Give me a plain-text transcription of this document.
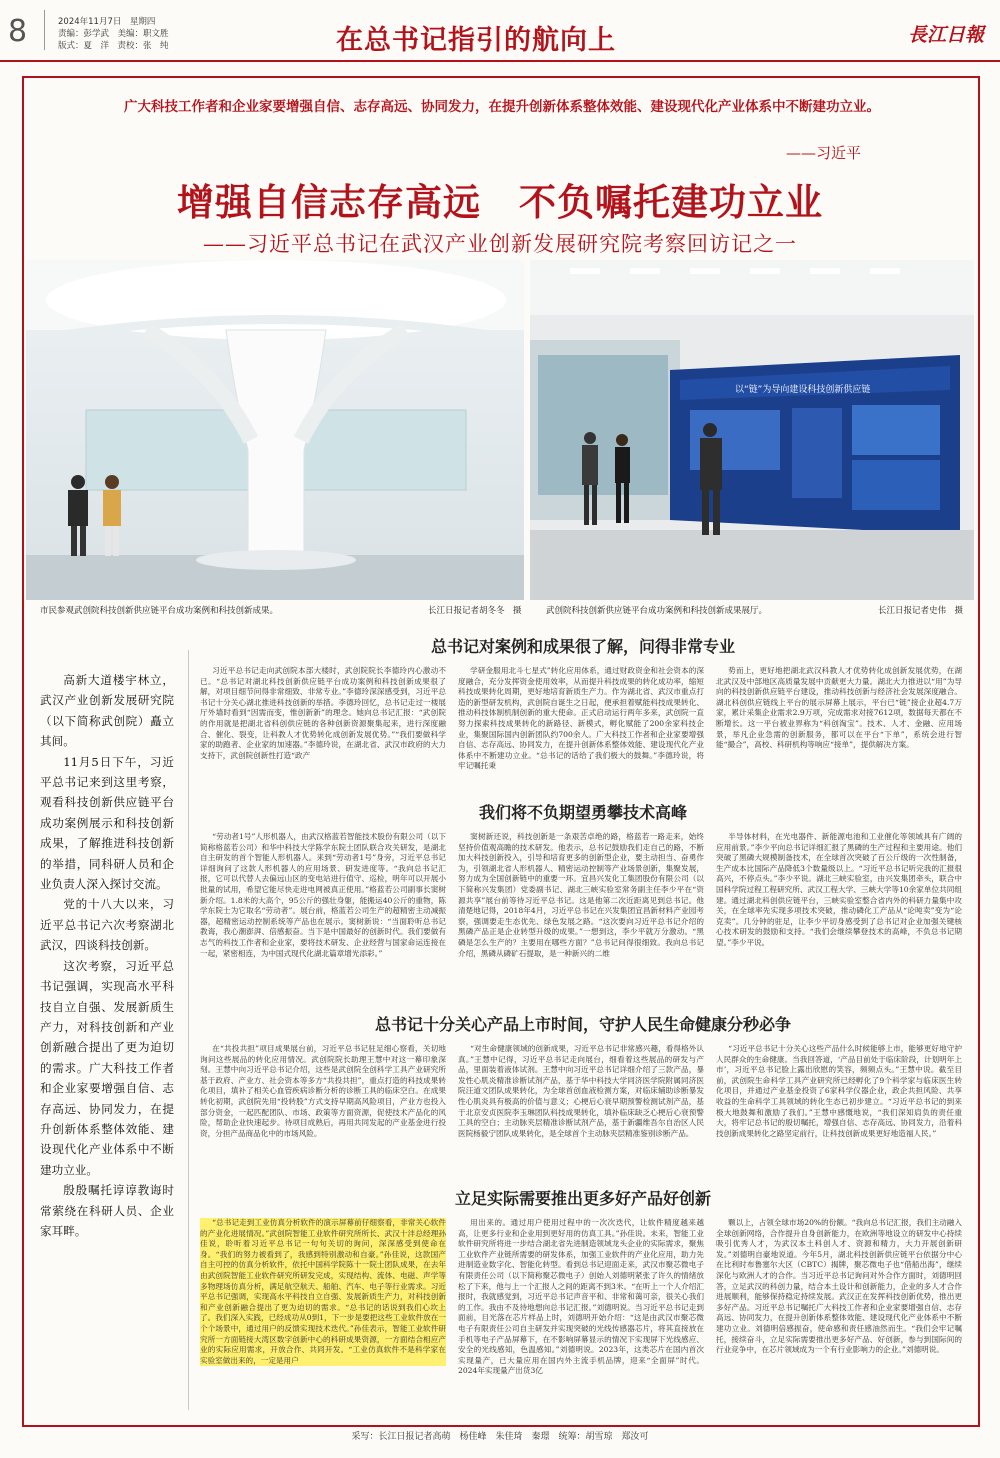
8	2024年11月7日　星期四
责编：彭学武　美编：职文胜
版式：夏　洋　责校：张　纯	在总书记指引的航向上	長江日報
广大科技工作者和企业家要增强自信、志存高远、协同发力，在提升创新体系整体效能、建设现代化产业体系中不断建功立业。
——习近平
增强自信志存高远　不负嘱托建功立业
——习近平总书记在武汉产业创新发展研究院考察回访记之一
市民参观武创院科技创新供应链平台成功案例和科技创新成果。	长江日报记者胡冬冬　摄
以“链”为导向建设科技创新供应链
武创院科技创新供应链平台成功案例和科技创新成果展厅。	长江日报记者史伟　摄

高新大道楼宇林立，武汉产业创新发展研究院（以下简称武创院）矗立其间。

11月5日下午，习近平总书记来到这里考察，观看科技创新供应链平台成功案例展示和科技创新成果，了解推进科技创新的举措，同科研人员和企业负责人深入探讨交流。

党的十八大以来，习近平总书记六次考察湖北武汉，四谈科技创新。

这次考察，习近平总书记强调，实现高水平科技自立自强、发展新质生产力，对科技创新和产业创新融合提出了更为迫切的需求。广大科技工作者和企业家要增强自信、志存高远、协同发力，在提升创新体系整体效能、建设现代化产业体系中不断建功立业。

殷殷嘱托谆谆教诲时常萦绕在科研人员、企业家耳畔。

总书记对案例和成果很了解，问得非常专业

习近平总书记走向武创院本部大楼时，武创院院长李德玲内心激动不已。“总书记对湖北科技创新供应链平台成功案例和科技创新成果很了解，对项目细节问得非常细致、非常专业。”李德玲深深感受到，习近平总书记十分关心湖北推进科技创新的举措。李德玲回忆，总书记走过一楼展厅外墙时看到“因需而变，惟创新新”的理念。她向总书记汇报：“武创院的作用就是把湖北省科创供应链的各种创新资源聚集起来，进行深度融合、催化、裂变，让科教人才优势转化成创新发展优势。”“我们要做科学家的助跑者、企业家的加速器。”李德玲说，在湖北省、武汉市政府的大力支持下，武创院创新性打造“政产

学研金服用北斗七星式”转化应用体系，通过财政资金和社会资本的深度融合，充分发挥资金使用效率，从而提升科技成果的转化成功率，缩短科技成果转化周期，更好地培育新质生产力。作为湖北省、武汉市重点打造的新型研发机构，武创院自诞生之日起，便承担着赋能科技成果转化、推动科技体制机制创新的重大使命。正式启动运行两年多来，武创院一直努力探索科技成果转化的新路径、新模式，孵化赋能了200余家科技企业，集聚国际国内创新团队约700余人。广大科技工作者和企业家要增强自信、志存高远、协同发力，在提升创新体系整体效能、建设现代化产业体系中不断建功立业。“总书记的话给了我们极大的鼓舞。”李德玲说，将牢记嘱托秉

势而上，更好地把湖北武汉科教人才优势转化成创新发展优势，在湖北武汉及中部地区高质量发展中贡献更大力量。湖北大力推进以“用”为导向的科技创新供应链平台建设，推动科技创新与经济社会发展深度融合。湖北科创供应链线上平台的展示屏幕上展示，平台已“链”接企业超4.7万家，累计采集企业需求2.9万项，完成需求对接7612项，数据每天都在不断增长。这一平台被业界称为“科创淘宝”。技术、人才、金融、应用场景，举凡企业急需的创新服务，都可以在平台“下单”，系统会进行智能“撮合”，高校、科研机构等响应“接单”，提供解决方案。

我们将不负期望勇攀技术高峰

“劳动者1号”人形机器人，由武汉格蓝若智能技术股份有限公司（以下简称格蓝若公司）和华中科技大学陈学东院士团队联合攻关研发，是湖北自主研发的首个智能人形机器人。来到“劳动者1号”身旁，习近平总书记详细询问了这款人形机器人的应用场景、研发进度等。“我向总书记汇报，它可以代替人去偏远山区的变电站进行值守、巡检，明年可以开展小批量的试用，希望它能尽快走进电网被真正使用。”格蓝若公司副事长窦树新介绍。1.8米的大高个，95公斤的强壮身躯，能搬运40公斤的重物，陈学东院士为它取名“劳动者”。展台前，格蓝若公司生产的超精密主动减振器，超精密运动控制系统等产品也在展示。窦树新说：“当面聆听总书记教诲，我心潮澎湃、倍感振奋。当下是中国最好的创新时代。我们要做有志气的科技工作者和企业家，要将技术研发、企业经营与国家命运连接在一起，紧密相连，为中国式现代化湖北篇章增光添彩。”

窦树新还说，科技创新是一条艰苦卓绝的路，格蓝若一路走来，始终坚持价值观高瞻的技术研发。他表示，总书记鼓励我们走自己的路，不断加大科技创新投入，引导和培育更多的创新型企业，要主动担当、奋勇作为，引领湖北省人形机器人、精密运动控制等产业场景创新，集聚发展，努力成为全国创新链中的重要一环。宜昌兴发化工集团股份有限公司（以下简称兴发集团）党委副书记、湖北三峡实验室常务副主任李少平在“资源共享”展台前等待习近平总书记。这是他第二次近距离见到总书记。他清楚地记得，2018年4月，习近平总书记在兴发集团宜昌新材料产业园考察，强调要走生态优先、绿色发展之路。“这次要向习近平总书记介绍的黑磷产品正是企业转型升级的成果。”一想到这，李少平就万分激动。“黑磷是怎么生产的？主要用在哪些方面？”总书记问得很细致。我向总书记介绍，黑磷从磷矿石提取，是一种新兴的二维

半导体材料，在光电器件、新能源电池和工业催化等领域具有广阔的应用前景。”李少平向总书记详细汇报了黑磷的生产过程和主要用途。他们突破了黑磷大规模制备技术，在全球首次突破了百公斤级的一次性制备，生产成本比国际产品降低3个数量级以上。“习近平总书记听完我的汇报很高兴，不停点头。”李少平说。湖北三峡实验室，由兴发集团牵头，联合中国科学院过程工程研究所、武汉工程大学、三峡大学等10余家单位共同组建。通过湖北科创供应链平台，三峡实验室整合省内外的科研力量集中攻关，在全球率先实现多项技术突破，推动磷化工产品从“论吨卖”变为“论克卖”。几分钟的驻足，让李少平切身感受到了总书记对企业加强关键核心技术研发的鼓励和支持。“我们会继续攀登技术的高峰，不负总书记期望。”李少平说。

总书记十分关心产品上市时间，守护人民生命健康分秒必争

在“共投共担”项目成果展台前，习近平总书记驻足细心察看，关切地询问这些展品的转化应用情况。武创院院长助理王慧中对这一幕印象深刻。王慧中向习近平总书记介绍，这些是武创院全创科学工具产业研究所基于政府、产业方、社会资本等多方“共投共担”，重点打造的科技成果转化项目，填补了相关心血管疾病诊断分析的诊断工具的临床空白。在成果转化初期，武创院先用“投转股”方式支持早期高风险项目，产业方也投入部分资金，一起匹配团队、市场、政策等方面资源，促使技术产品化的风险，帮助企业快速起步。待项目成熟后，再用共同发起的产业基金进行投资，分担产品商品化中的市场风险。

“对生命健康领域的创新成果，习近平总书记非常感兴趣，看得格外认真。”王慧中记得，习近平总书记走向展台，细看着这些展品的研发与产品，里面装着液体试剂。王慧中向习近平总书记详细介绍了三款产品，暴发性心肌炎精准诊断试剂产品，基于华中科技大学同济医学院附属同济医院汪道文团队成果转化，为全球首创血液检测方案，对临床辅助诊断暴发性心肌炎具有极高的价值与意义；心梗后心衰早期预警检测试剂产品，基于北京安贞医院李玉琳团队科技成果转化，填补临床缺乏心梗后心衰预警工具的空白；主动脉夹层精准诊断试剂产品，基于新疆维吾尔自治区人民医院杨毅宁团队成果转化，是全球首个主动脉夹层精准鉴别诊断产品。

“习近平总书记十分关心这些产品什么时候能够上市，能够更好地守护人民群众的生命健康。当我回答道，‘产品目前处于临床阶段，计划明年上市’，习近平总书记脸上露出欣慰的笑容，频频点头。”王慧中说。截至目前，武创院生命科学工具产业研究所已经孵化了9个科学家与临床医生转化项目，并通过产业基金投资了6家科学仪器企业，政企共担风险、共享收益的生命科学工具领域的转化生态已初步建立。“习近平总书记的到来极大地鼓舞和激励了我们。”王慧中感慨地说，“我们深知肩负的责任重大，将牢记总书记的殷切嘱托，增强自信、志存高远、协同发力，沿着科技创新成果转化之路坚定前行，让科技创新成果更好地造福人民。”

立足实际需要推出更多好产品好创新

“总书记走到工业仿真分析软件的演示屏幕前仔细察看，非常关心软件的产业化进展情况。”武创院智能工业软件研究所所长、武汉十沣总经理孙佳说，聆听着习近平总书记一句句关切的询问，深深感受到使命在身。“我们的努力被看到了，我感到特别激动和自豪。”孙佳说，这款国产自主可控的仿真分析软件，依托中国科学院陈十一院士团队成果，在去年由武创院智能工业软件研究所研发完成，实现结构、流体、电磁、声学等多物理场仿真分析，满足航空航天、船舶、汽车、电子等行业需求。习近平总书记强调，实现高水平科技自立自强、发展新质生产力，对科技创新和产业创新融合提出了更为迫切的需求。“总书记的话说到我们心坎上了。我们深入实践，已经成功从0到1，下一步是要把这些工业软件放在一个个场景中，通过用户的反馈实现技术迭代。”孙佳表示，智能工业软件研究所一方面链接大湾区数字创新中心的科研成果资源，一方面结合相应产业的实际应用需求，开放合作、共同开发。“工业仿真软件不是科学家在实验室做出来的，一定是用户

用出来的。通过用户使用过程中的一次次迭代，让软件精度越来越高，让更多行业和企业用到更好用的仿真工具。”孙佳说。未来，智能工业软件研究所将进一步结合湖北省先进制造领域龙头企业的实际需求，聚焦工业软件产业链所需要的研发体系，加强工业软件的产业化应用，助力先进制造业数字化、智能化转型。看到总书记迎面走来，武汉市聚芯微电子有限责任公司（以下简称聚芯微电子）创始人刘德明紧张了许久的情绪放松了下来，他与上一个汇报人之间的距离不到3米。“在听上一个人介绍汇报时，我就感觉到，习近平总书记声音平和、非常和蔼可亲，很关心我们的工作。我由不及待地想向总书记汇报。”刘德明说。当习近平总书记走到面前，目光落在芯片样品上时，刘德明开始介绍：“这是由武汉市聚芯微电子有限责任公司自主研发并实现突破的光线传感器芯片，将其直接放在手机等电子产品屏幕下，在不影响屏幕显示的情况下实现屏下光线感应、安全的光线感知，色温感知。”刘德明说。2023年，这类芯片在国内首次实现量产，已大量应用在国内外主流手机品牌，迎来“全面屏”时代。2024年实现量产出货3亿

颗以上，占领全球市场20%的份额。“我向总书记汇报，我们主动融入全球创新网络，合作提升自身创新能力，在欧洲等地设立的研发中心持续吸引优秀人才，为武汉本土科创人才、资源和精力，大力开展创新研发。”刘德明自豪地说道。今年5月，湖北科技创新供应链平台依据分中心在比利时布鲁塞尔大区（CBTC）揭牌，聚芯微电子也“借船出海”，继续深化与欧洲人才的合作。当习近平总书记询问对外合作方面时，刘德明回答，立足武汉的科创力量，结合本土设计和创新能力，企业的多人才合作进展顺利，能够保持稳定持续发展。武汉正在发挥科技创新优势，推出更多好产品。习近平总书记嘱托广大科技工作者和企业家要增强自信、志存高远、协同发力，在提升创新体系整体效能、建设现代化产业体系中不断建功立业。刘德明倍感振奋，使命感和责任感油然而生。“我们会牢记嘱托，接续奋斗，立足实际需要推出更多好产品、好创新，参与到国际间的行业竞争中，在芯片领域成为一个有行业影响力的企业。”刘德明说。

采写：长江日报记者高萌　杨佳峰　朱佳琦　秦璟　统筹：胡雪琼　郑汝可
